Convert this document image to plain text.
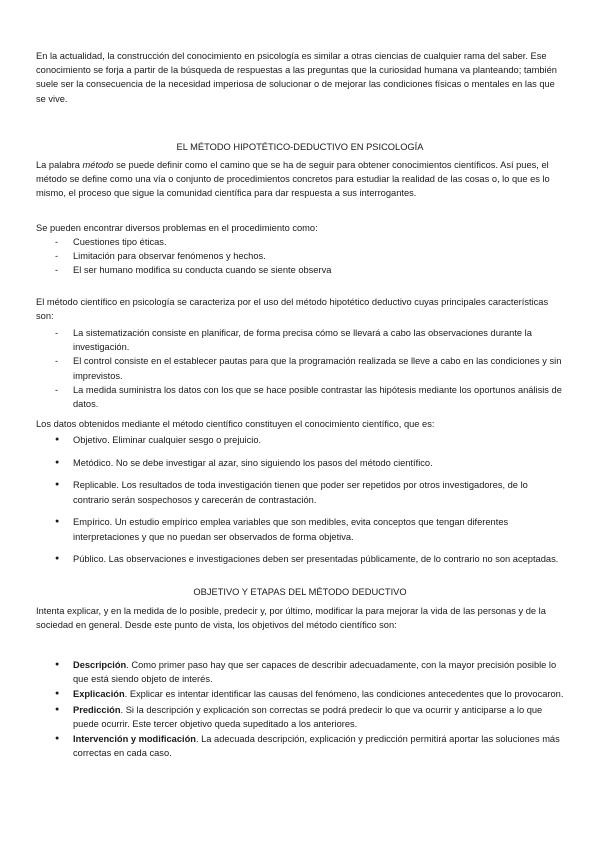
En la actualidad, la construcción del conocimiento en psicología es similar a otras ciencias de cualquier rama del saber. Ese conocimiento se forja a partir de la búsqueda de respuestas a las preguntas que la curiosidad humana va planteando; también suele ser la consecuencia de la necesidad imperiosa de solucionar o de mejorar las condiciones físicas o mentales en las que se vive.

EL MÉTODO HIPOTÉTICO-DEDUCTIVO EN PSICOLOGÍA

La palabra método se puede definir como el camino que se ha de seguir para obtener conocimientos científicos. Así pues, el método se define como una vía o conjunto de procedimientos concretos para estudiar la realidad de las cosas o, lo que es lo mismo, el proceso que sigue la comunidad científica para dar respuesta a sus interrogantes.

Se pueden encontrar diversos problemas en el procedimiento como:

- Cuestiones tipo éticas.
- Limitación para observar fenómenos y hechos.
- El ser humano modifica su conducta cuando se siente observa

El método científico en psicología se caracteriza por el uso del método hipotético deductivo cuyas principales características son:

- La sistematización consiste en planificar, de forma precisa cómo se llevará a cabo las observaciones durante la investigación.
- El control consiste en el establecer pautas para que la programación realizada se lleve a cabo en las condiciones y sin imprevistos.
- La medida suministra los datos con los que se hace posible contrastar las hipótesis mediante los oportunos análisis de datos.

Los datos obtenidos mediante el método científico constituyen el conocimiento científico, que es:

● Objetivo. Eliminar cualquier sesgo o prejuicio.
● Metódico. No se debe investigar al azar, sino siguiendo los pasos del método científico.
● Replicable. Los resultados de toda investigación tienen que poder ser repetidos por otros investigadores, de lo contrario serán sospechosos y carecerán de contrastación.
● Empírico. Un estudio empírico emplea variables que son medibles, evita conceptos que tengan diferentes interpretaciones y que no puedan ser observados de forma objetiva.
● Público. Las observaciones e investigaciones deben ser presentadas públicamente, de lo contrario no son aceptadas.

OBJETIVO Y ETAPAS DEL MÉTODO DEDUCTIVO

Intenta explicar, y en la medida de lo posible, predecir y, por último, modificar la para mejorar la vida de las personas y de la sociedad en general. Desde este punto de vista, los objetivos del método científico son:

● Descripción. Como primer paso hay que ser capaces de describir adecuadamente, con la mayor precisión posible lo que está siendo objeto de interés.
● Explicación. Explicar es intentar identificar las causas del fenómeno, las condiciones antecedentes que lo provocaron.
● Predicción. Si la descripción y explicación son correctas se podrá predecir lo que va ocurrir y anticiparse a lo que puede ocurrir. Este tercer objetivo queda supeditado a los anteriores.
● Intervención y modificación. La adecuada descripción, explicación y predicción permitirá aportar las soluciones más correctas en cada caso.
